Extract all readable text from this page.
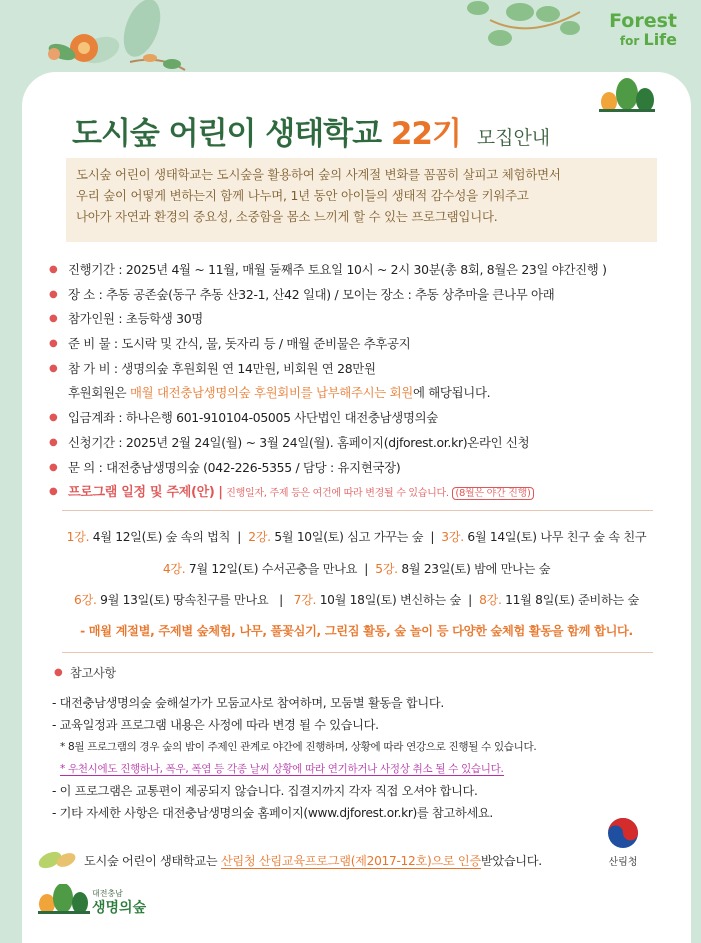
Forest
for Life
도시숲 어린이 생태학교 22기 모집안내
도시숲 어린이 생태학교는 도시숲을 활용하여 숲의 사계절 변화를 꼼꼼히 살피고 체험하면서
우리 숲이 어떻게 변하는지 함께 나누며, 1년 동안 아이들의 생태적 감수성을 키워주고
나아가 자연과 환경의 중요성, 소중함을 몸소 느끼게 할 수 있는 프로그램입니다.
● 진행기간 : 2025년 4월 ~ 11월, 매월 둘째주 토요일 10시 ~ 2시 30분(총 8회, 8월은 23일 야간진행 )
● 장 소 : 추동 공존숲(동구 추동 산32-1, 산42 일대) / 모이는 장소 : 추동 상추마을 큰나무 아래
● 참가인원 : 초등학생 30명
● 준 비 물 : 도시락 및 간식, 물, 돗자리 등 / 매월 준비물은 추후공지
● 참 가 비 : 생명의숲 후원회원 연 14만원, 비회원 연 28만원
후원회원은 매월 대전충남생명의숲 후원회비를 납부해주시는 회원에 해당됩니다.
● 입금계좌 : 하나은행 601-910104-05005 사단법인 대전충남생명의숲
● 신청기간 : 2025년 2월 24일(월) ~ 3월 24일(월). 홈페이지(djforest.or.kr)온라인 신청
● 문 의 : 대전충남생명의숲 (042-226-5355 / 담당 : 유지현국장)
● 프로그램 일정 및 주제(안) | 진행일자, 주제 등은 여건에 따라 변경될 수 있습니다. (8월은 야간 진행)
1강. 4월 12일(토) 숲 속의 법칙 | 2강. 5월 10일(토) 심고 가꾸는 숲 | 3강. 6월 14일(토) 나무 친구 숲 속 친구
4강. 7월 12일(토) 수서곤충을 만나요 | 5강. 8월 23일(토) 밤에 만나는 숲
6강. 9월 13일(토) 땅속친구를 만나요 | 7강. 10월 18일(토) 변신하는 숲 | 8강. 11월 8일(토) 준비하는 숲
- 매월 계절별, 주제별 숲체험, 나무, 풀꽃심기, 그린짐 활동, 숲 놀이 등 다양한 숲체험 활동을 함께 합니다.
● 참고사항
- 대전충남생명의숲 숲해설가가 모둠교사로 참여하며, 모둠별 활동을 합니다.
- 교육일정과 프로그램 내용은 사정에 따라 변경 될 수 있습니다.
* 8월 프로그램의 경우 숲의 밤이 주제인 관계로 야간에 진행하며, 상황에 따라 연강으로 진행될 수 있습니다.
* 우천시에도 진행하나, 폭우, 폭염 등 각종 날씨 상황에 따라 연기하거나 사정상 취소 될 수 있습니다.
- 이 프로그램은 교통편이 제공되지 않습니다. 집결지까지 각자 직접 오셔야 합니다.
- 기타 자세한 사항은 대전충남생명의숲 홈페이지(www.djforest.or.kr)를 참고하세요.
도시숲 어린이 생태학교는 산림청 산림교육프로그램(제2017-12호)으로 인증받았습니다.	산림청
대전충남
생명의숲
